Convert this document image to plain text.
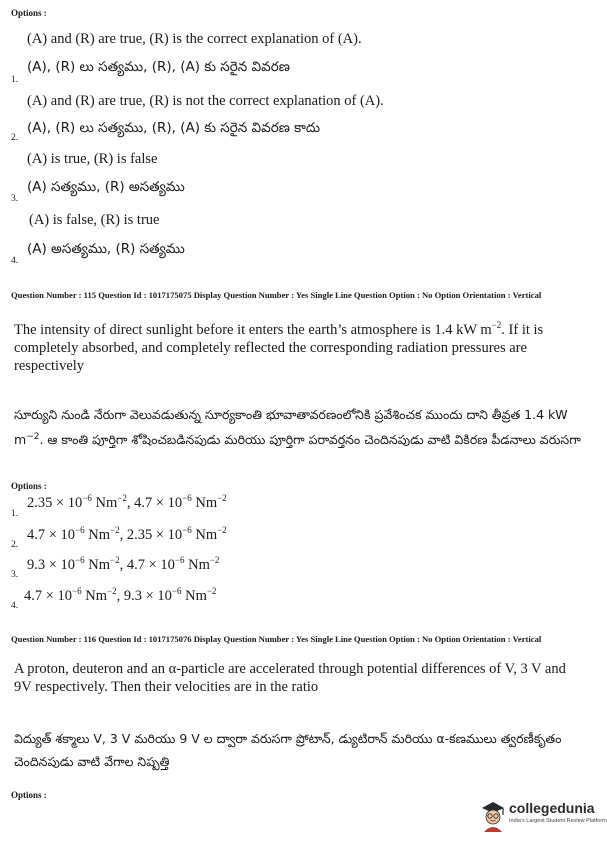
Options :
(A) and (R) are true, (R) is the correct explanation of (A).
(A), (R) లు సత్యము, (R), (A) కు సరైన వివరణ
1.
(A) and (R) are true, (R) is not the correct explanation of (A).
(A), (R) లు సత్యము, (R), (A) కు సరైన వివరణ కాదు
2.
(A) is true, (R) is false
(A) సత్యము, (R) అసత్యము
3.
(A) is false, (R) is true
(A) అసత్యము, (R) సత్యము
4.
Question Number : 115 Question Id : 1017175075 Display Question Number : Yes Single Line Question Option : No Option Orientation : Vertical
The intensity of direct sunlight before it enters the earth’s atmosphere is 1.4 kW $m^{-2}$. If it is completely absorbed, and completely reflected the corresponding radiation pressures are respectively
సూర్యుని నుండి నేరుగా వెలువడుతున్న సూర్యకాంతి భూవాతావరణంలోనికి ప్రవేశించక ముందు దాని తీవ్రత 1.4 kW $m^{-2}$. ఆ కాంతి పూర్తిగా శోషించబడినపుడు మరియు పూర్తిగా పరావర్తనం చెందినపుడు వాటి వికిరణ పీడనాలు వరుసగా
Options :
$2.35 \times 10^{-6}$ $Nm^{-2}$, $4.7 \times 10^{-6}$ $Nm^{-2}$
1.
$4.7 \times 10^{-6}$ $Nm^{-2}$, $2.35 \times 10^{-6}$ $Nm^{-2}$
2.
$9.3 \times 10^{-6}$ $Nm^{-2}$, $4.7 \times 10^{-6}$ $Nm^{-2}$
3.
$4.7 \times 10^{-6}$ $Nm^{-2}$, $9.3 \times 10^{-6}$ $Nm^{-2}$
4.
Question Number : 116 Question Id : 1017175076 Display Question Number : Yes Single Line Question Option : No Option Orientation : Vertical
A proton, deuteron and an α-particle are accelerated through potential differences of V, 3 V and 9V respectively. Then their velocities are in the ratio
విద్యుత్ శక్మాలు V, 3 V మరియు 9 V ల ద్వారా వరుసగా ప్రోటాన్, డ్యుటిరాన్ మరియు α-కణములు త్వరణీకృతం చెందినపుడు వాటి వేగాల నిష్పత్తి
Options :
collegedunia
India's Largest Student Review Platform
